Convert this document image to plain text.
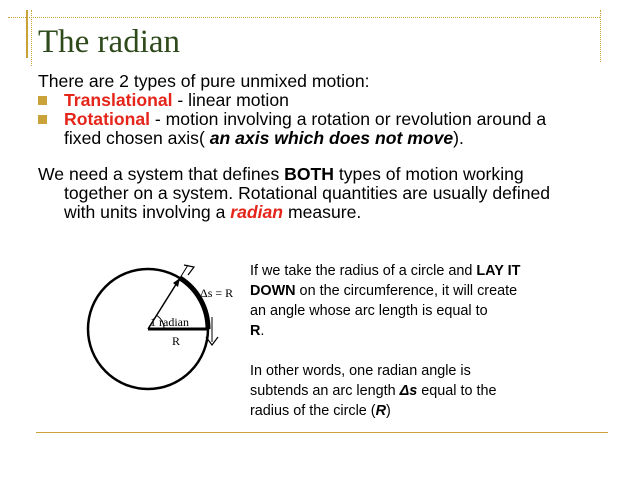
The radian
There are 2 types of pure unmixed motion:
Translational - linear motion
Rotational - motion involving a rotation or revolution around a
fixed chosen axis( an axis which does not move).
We need a system that defines BOTH types of motion working
together on a system. Rotational quantities are usually defined
with units involving a radian measure.
1 radian
R
Δs = R
If we take the radius of a circle and LAY IT
DOWN on the circumference, it will create
an angle whose arc length is equal to
R.
In other words, one radian angle is
subtends an arc length Δs equal to the
radius of the circle (R)
